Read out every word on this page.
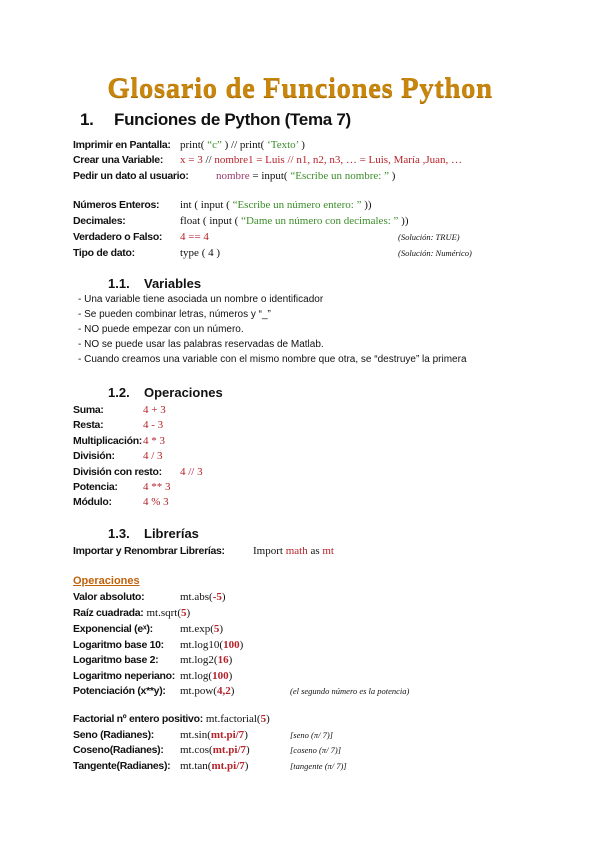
Glosario de Funciones Python
1. Funciones de Python (Tema 7)
1.1. Variables
1.2. Operaciones
1.3. Librerías
Operaciones
Imprimir en Pantalla: print( “c” ) // print( ‘Texto’ )
Crear una Variable: x = 3 // nombre1 = Luis // n1, n2, n3, … = Luis, María ,Juan, …
Pedir un dato al usuario: nombre = input( “Escribe un nombre: ” )
Números Enteros: int ( input ( “Escribe un número entero: ” ))
Decimales:	float ( input ( “Dame un número con decimales: ” ))
Verdadero o Falso: 4 == 4	(Solución: TRUE)
Tipo de dato:	type ( 4 )	(Solución: Numérico)
Suma:	4 + 3
Resta:	4 - 3
Multiplicación:4 * 3
División:	4 / 3
División con resto: 4 // 3
Potencia: 4 ** 3
Módulo:	4 % 3
Importar y Renombrar Librerías:	Import math as mt
Valor absoluto:	mt.abs(-5)
Raíz cuadrada: mt.sqrt(5)
Exponencial (eˣ): mt.exp(5)
Logaritmo base 10: mt.log10(100)
Logaritmo base 2: mt.log2(16)
Logaritmo neperiano: mt.log(100)
Potenciación (x**y): mt.pow(4,2)	(el segundo número es la potencia)
Factorial nº entero positivo: mt.factorial(5)
Seno (Radianes): mt.sin(mt.pi/7)	[seno (π/ 7)]
Coseno(Radianes): mt.cos(mt.pi/7)	[coseno (π/ 7)]
Tangente(Radianes): mt.tan(mt.pi/7)	[tangente (π/ 7)]
- Una variable tiene asociada un nombre o identificador
- Se pueden combinar letras, números y “_”
- NO puede empezar con un número.
- NO se puede usar las palabras reservadas de Matlab.
- Cuando creamos una variable con el mismo nombre que otra, se “destruye” la primera
